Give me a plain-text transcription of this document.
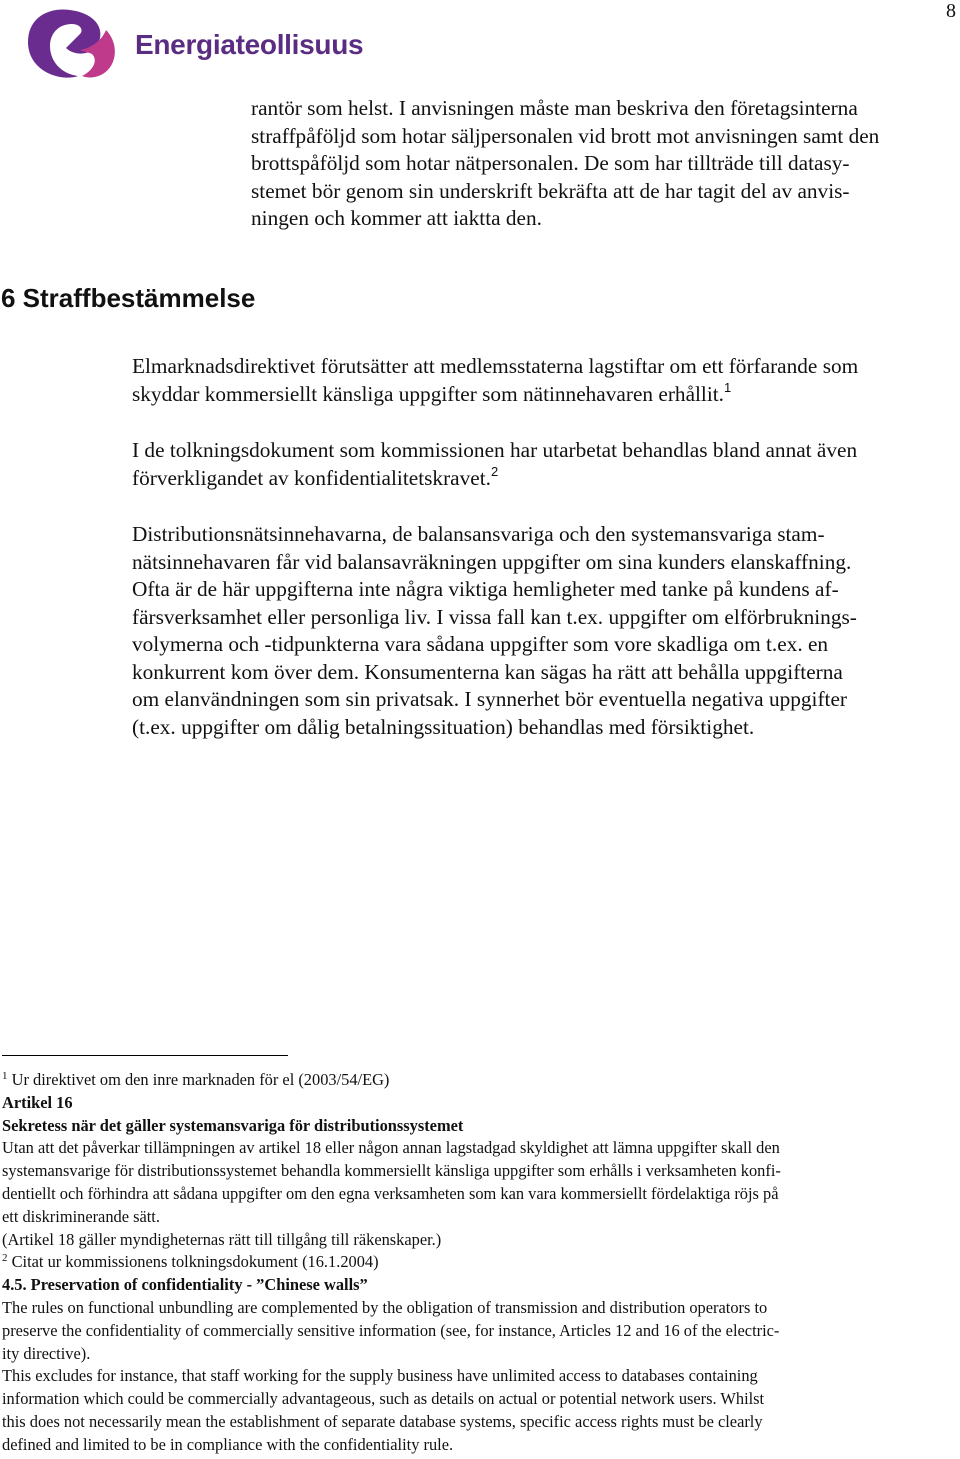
8
Energiateollisuus
rantör som helst. I anvisningen måste man beskriva den företagsinterna
straffpåföljd som hotar säljpersonalen vid brott mot anvisningen samt den
brottspåföljd som hotar nätpersonalen. De som har tillträde till datasy-
stemet bör genom sin underskrift bekräfta att de har tagit del av anvis-
ningen och kommer att iaktta den.
6 Straffbestämmelse
Elmarknadsdirektivet förutsätter att medlemsstaterna lagstiftar om ett förfarande som
skyddar kommersiellt känsliga uppgifter som nätinnehavaren erhållit.$^1$
I de tolkningsdokument som kommissionen har utarbetat behandlas bland annat även
förverkligandet av konfidentialitetskravet.$^2$
Distributionsnätsinnehavarna, de balansansvariga och den systemansvariga stam-
nätsinnehavaren får vid balansavräkningen uppgifter om sina kunders elanskaffning.
Ofta är de här uppgifterna inte några viktiga hemligheter med tanke på kundens af-
färsverksamhet eller personliga liv. I vissa fall kan t.ex. uppgifter om elförbruknings-
volymerna och -tidpunkterna vara sådana uppgifter som vore skadliga om t.ex. en
konkurrent kom över dem. Konsumenterna kan sägas ha rätt att behålla uppgifterna
om elanvändningen som sin privatsak. I synnerhet bör eventuella negativa uppgifter
(t.ex. uppgifter om dålig betalningssituation) behandlas med försiktighet.

$^1$ Ur direktivet om den inre marknaden för el (2003/54/EG)

Artikel 16

Sekretess när det gäller systemansvariga för distributionssystemet

Utan att det påverkar tillämpningen av artikel 18 eller någon annan lagstadgad skyldighet att lämna uppgifter skall den
systemansvarige för distributionssystemet behandla kommersiellt känsliga uppgifter som erhålls i verksamheten konfi-
dentiellt och förhindra att sådana uppgifter om den egna verksamheten som kan vara kommersiellt fördelaktiga röjs på
ett diskriminerande sätt.

(Artikel 18 gäller myndigheternas rätt till tillgång till räkenskaper.)

$^2$ Citat ur kommissionens tolkningsdokument (16.1.2004)

4.5. Preservation of confidentiality - ”Chinese walls”

The rules on functional unbundling are complemented by the obligation of transmission and distribution operators to
preserve the confidentiality of commercially sensitive information (see, for instance, Articles 12 and 16 of the electric-
ity directive).

This excludes for instance, that staff working for the supply business have unlimited access to databases containing
information which could be commercially advantageous, such as details on actual or potential network users. Whilst
this does not necessarily mean the establishment of separate database systems, specific access rights must be clearly
defined and limited to be in compliance with the confidentiality rule.
